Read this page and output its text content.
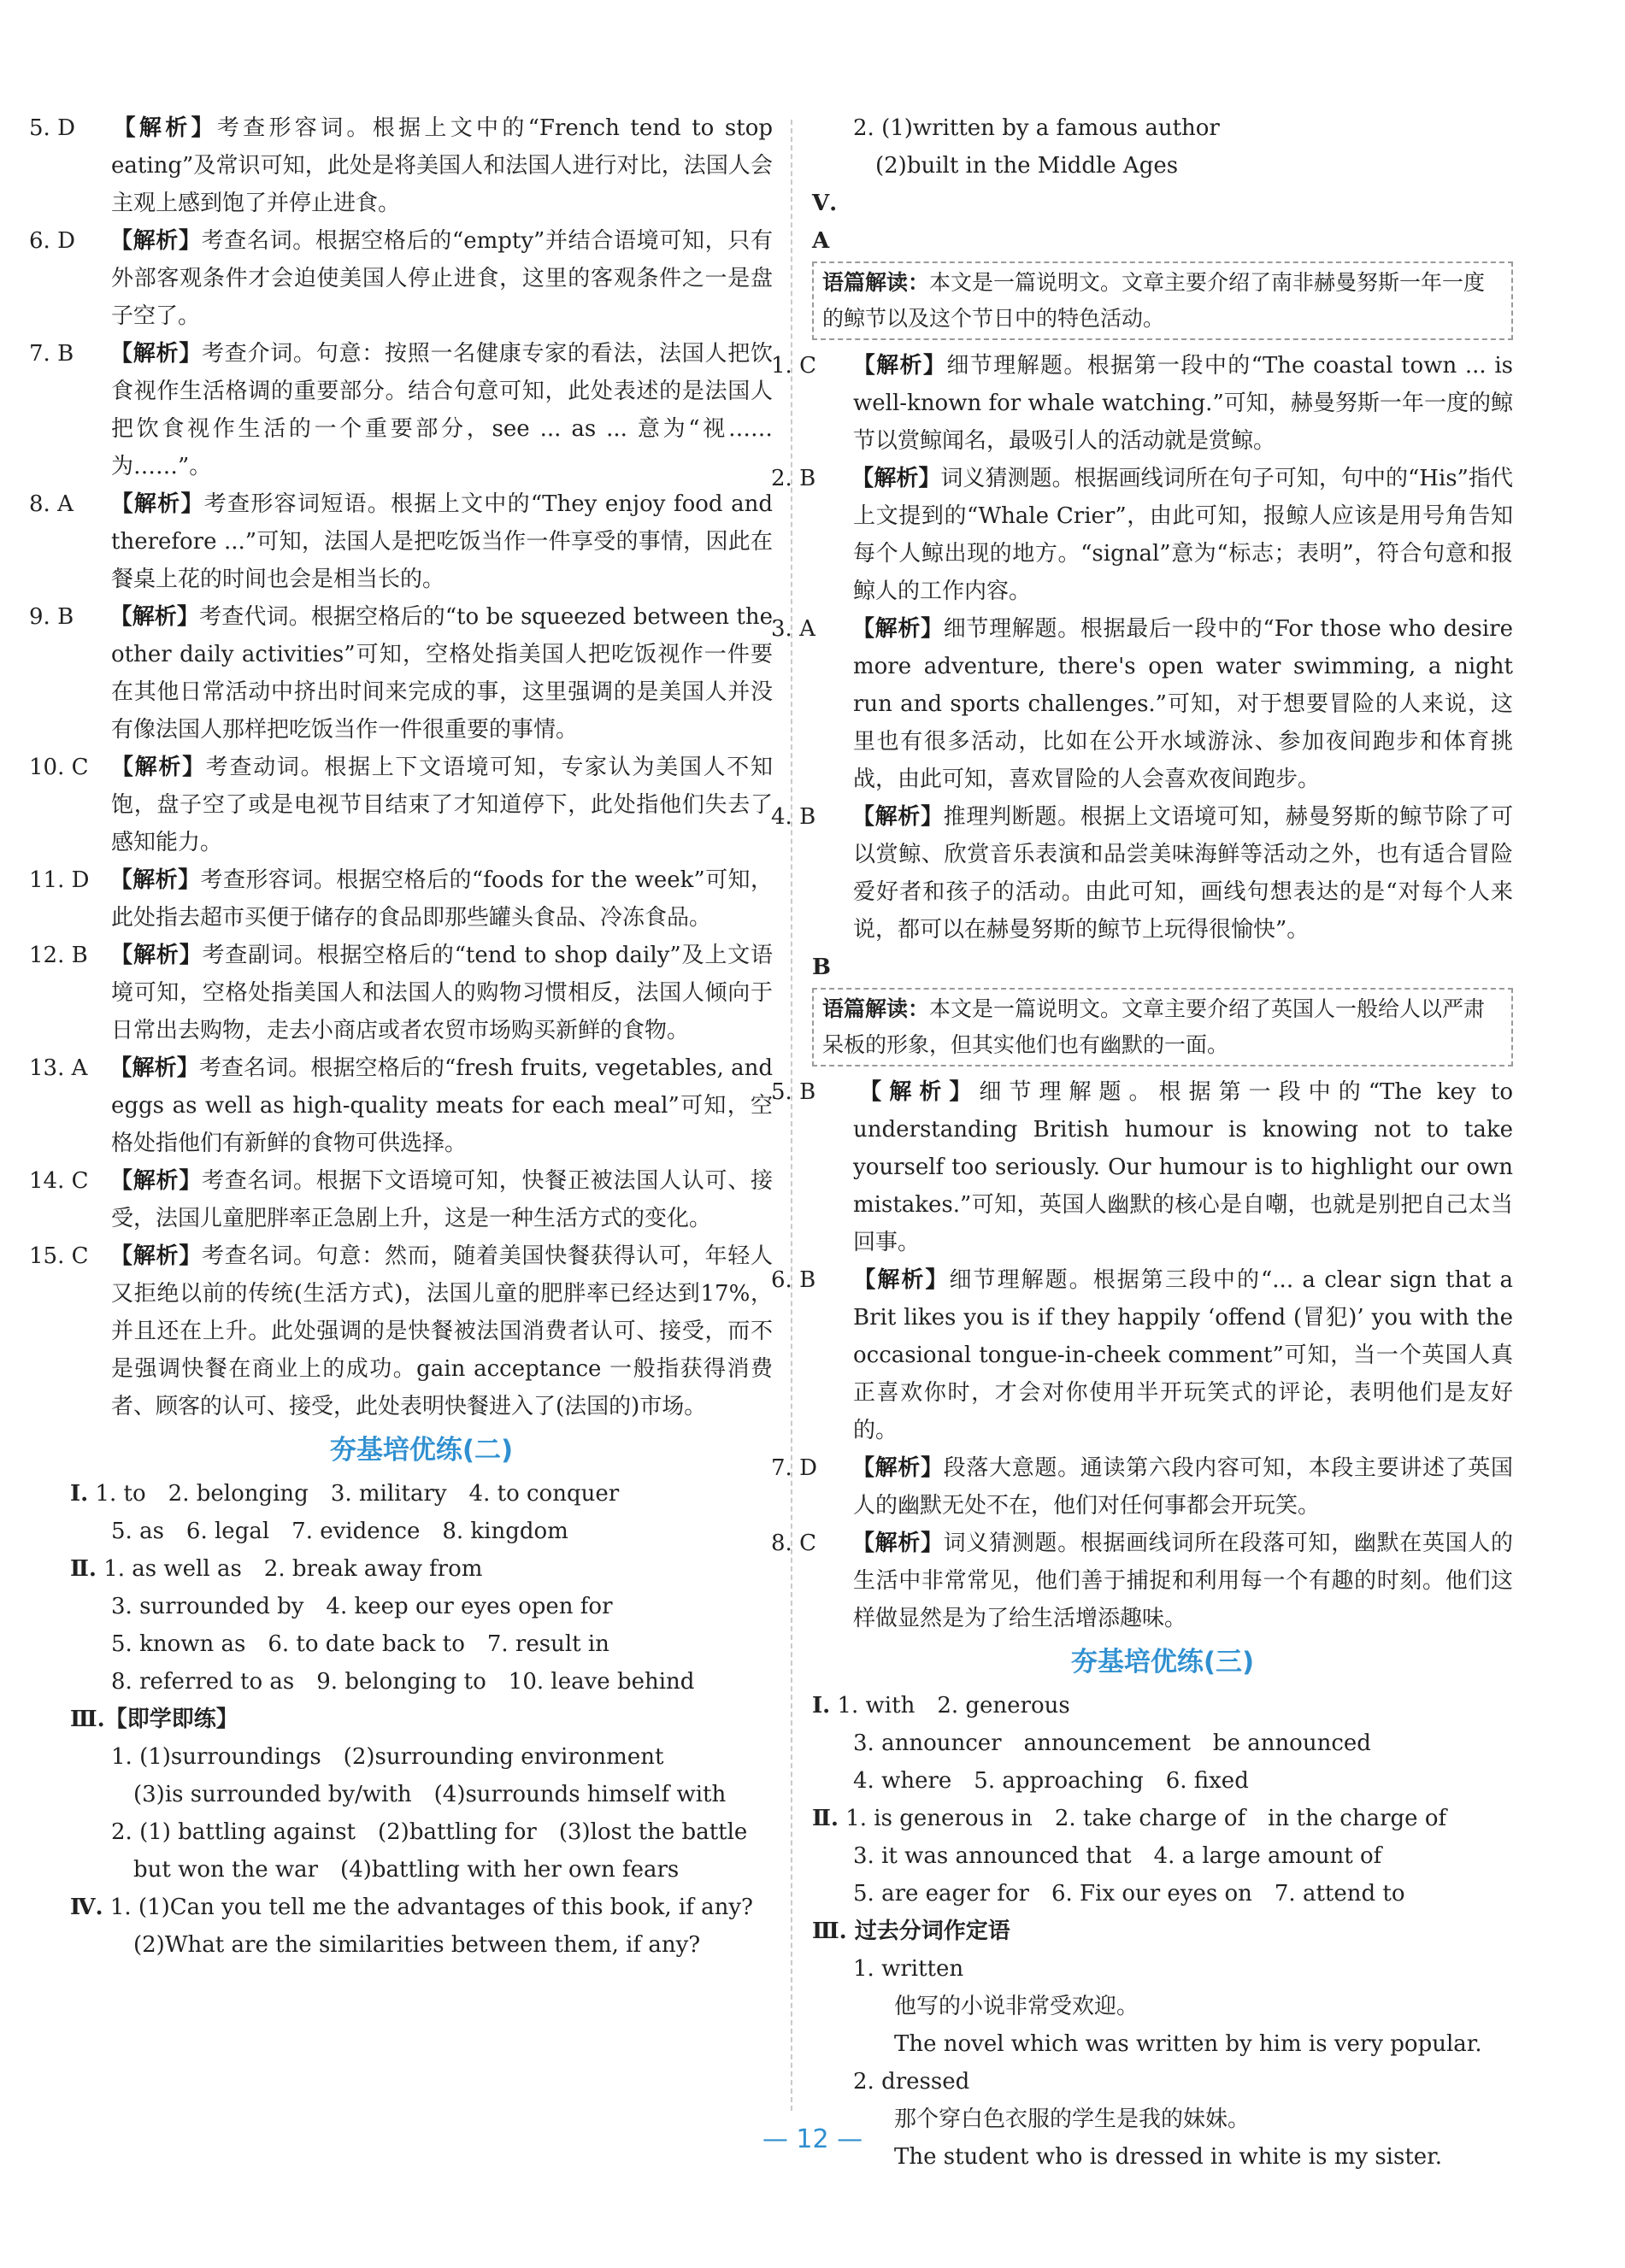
5. D 【解析】考查形容词。根据上文中的“French tend to stop eating”及常识可知，此处是将美国人和法国人进行对比，法国人会主观上感到饱了并停止进食。

6. D 【解析】考查名词。根据空格后的“empty”并结合语境可知，只有外部客观条件才会迫使美国人停止进食，这里的客观条件之一是盘子空了。

7. B 【解析】考查介词。句意：按照一名健康专家的看法，法国人把饮食视作生活格调的重要部分。结合句意可知，此处表述的是法国人把饮食视作生活的一个重要部分，see ... as ... 意为“视……为……”。

8. A 【解析】考查形容词短语。根据上文中的“They enjoy food and therefore ...”可知，法国人是把吃饭当作一件享受的事情，因此在餐桌上花的时间也会是相当长的。

9. B 【解析】考查代词。根据空格后的“to be squeezed between the other daily activities”可知，空格处指美国人把吃饭视作一件要在其他日常活动中挤出时间来完成的事，这里强调的是美国人并没有像法国人那样把吃饭当作一件很重要的事情。

10. C 【解析】考查动词。根据上下文语境可知，专家认为美国人不知饱，盘子空了或是电视节目结束了才知道停下，此处指他们失去了感知能力。

11. D 【解析】考查形容词。根据空格后的“foods for the week”可知，此处指去超市买便于储存的食品即那些罐头食品、冷冻食品。

12. B 【解析】考查副词。根据空格后的“tend to shop daily”及上文语境可知，空格处指美国人和法国人的购物习惯相反，法国人倾向于日常出去购物，走去小商店或者农贸市场购买新鲜的食物。

13. A 【解析】考查名词。根据空格后的“fresh fruits, vegetables, and eggs as well as high-quality meats for each meal”可知，空格处指他们有新鲜的食物可供选择。

14. C 【解析】考查名词。根据下文语境可知，快餐正被法国人认可、接受，法国儿童肥胖率正急剧上升，这是一种生活方式的变化。

15. C 【解析】考查名词。句意：然而，随着美国快餐获得认可，年轻人又拒绝以前的传统(生活方式)，法国儿童的肥胖率已经达到17%，并且还在上升。此处强调的是快餐被法国消费者认可、接受，而不是强调快餐在商业上的成功。gain acceptance 一般指获得消费者、顾客的认可、接受，此处表明快餐进入了(法国的)市场。

夯基培优练(二)
Ⅰ. 1. to　2. belonging　3. military　4. to conquer
5. as　6. legal　7. evidence　8. kingdom
Ⅱ. 1. as well as　2. break away from
3. surrounded by　4. keep our eyes open for
5. known as　6. to date back to　7. result in
8. referred to as　9. belonging to　10. leave behind
Ⅲ.【即学即练】
1. (1)surroundings　(2)surrounding environment
　(3)is surrounded by/with　(4)surrounds himself with
2. (1) battling against　(2)battling for　(3)lost the battle
　but won the war　(4)battling with her own fears
Ⅳ. 1. (1)Can you tell me the advantages of this book, if any?
　(2)What are the similarities between them, if any?
2. (1)written by a famous author
　(2)built in the Middle Ages
Ⅴ.
A
语篇解读：本文是一篇说明文。文章主要介绍了南非赫曼努斯一年一度的鲸节以及这个节日中的特色活动。

1. C 【解析】细节理解题。根据第一段中的“The coastal town ... is well-known for whale watching.”可知，赫曼努斯一年一度的鲸节以赏鲸闻名，最吸引人的活动就是赏鲸。

2. B 【解析】词义猜测题。根据画线词所在句子可知，句中的“His”指代上文提到的“Whale Crier”，由此可知，报鲸人应该是用号角告知每个人鲸出现的地方。“signal”意为“标志；表明”，符合句意和报鲸人的工作内容。

3. A 【解析】细节理解题。根据最后一段中的“For those who desire more adventure, there's open water swimming, a night run and sports challenges.”可知，对于想要冒险的人来说，这里也有很多活动，比如在公开水域游泳、参加夜间跑步和体育挑战，由此可知，喜欢冒险的人会喜欢夜间跑步。

4. B 【解析】推理判断题。根据上文语境可知，赫曼努斯的鲸节除了可以赏鲸、欣赏音乐表演和品尝美味海鲜等活动之外，也有适合冒险爱好者和孩子的活动。由此可知，画线句想表达的是“对每个人来说，都可以在赫曼努斯的鲸节上玩得很愉快”。

B
语篇解读：本文是一篇说明文。文章主要介绍了英国人一般给人以严肃呆板的形象，但其实他们也有幽默的一面。

5. B 【解析】细节理解题。根据第一段中的“The key to understanding British humour is knowing not to take yourself too seriously. Our humour is to highlight our own mistakes.”可知，英国人幽默的核心是自嘲，也就是别把自己太当回事。

6. B 【解析】细节理解题。根据第三段中的“... a clear sign that a Brit likes you is if they happily ‘offend (冒犯)’ you with the occasional tongue-in-cheek comment”可知，当一个英国人真正喜欢你时，才会对你使用半开玩笑式的评论，表明他们是友好的。

7. D 【解析】段落大意题。通读第六段内容可知，本段主要讲述了英国人的幽默无处不在，他们对任何事都会开玩笑。

8. C 【解析】词义猜测题。根据画线词所在段落可知，幽默在英国人的生活中非常常见，他们善于捕捉和利用每一个有趣的时刻。他们这样做显然是为了给生活增添趣味。

夯基培优练(三)
Ⅰ. 1. with　2. generous
3. announcer　announcement　be announced
4. where　5. approaching　6. fixed
Ⅱ. 1. is generous in　2. take charge of　in the charge of
3. it was announced that　4. a large amount of
5. are eager for　6. Fix our eyes on　7. attend to
Ⅲ. 过去分词作定语
1. written
他写的小说非常受欢迎。
The novel which was written by him is very popular.
2. dressed
那个穿白色衣服的学生是我的妹妹。
The student who is dressed in white is my sister.
— 12 —
